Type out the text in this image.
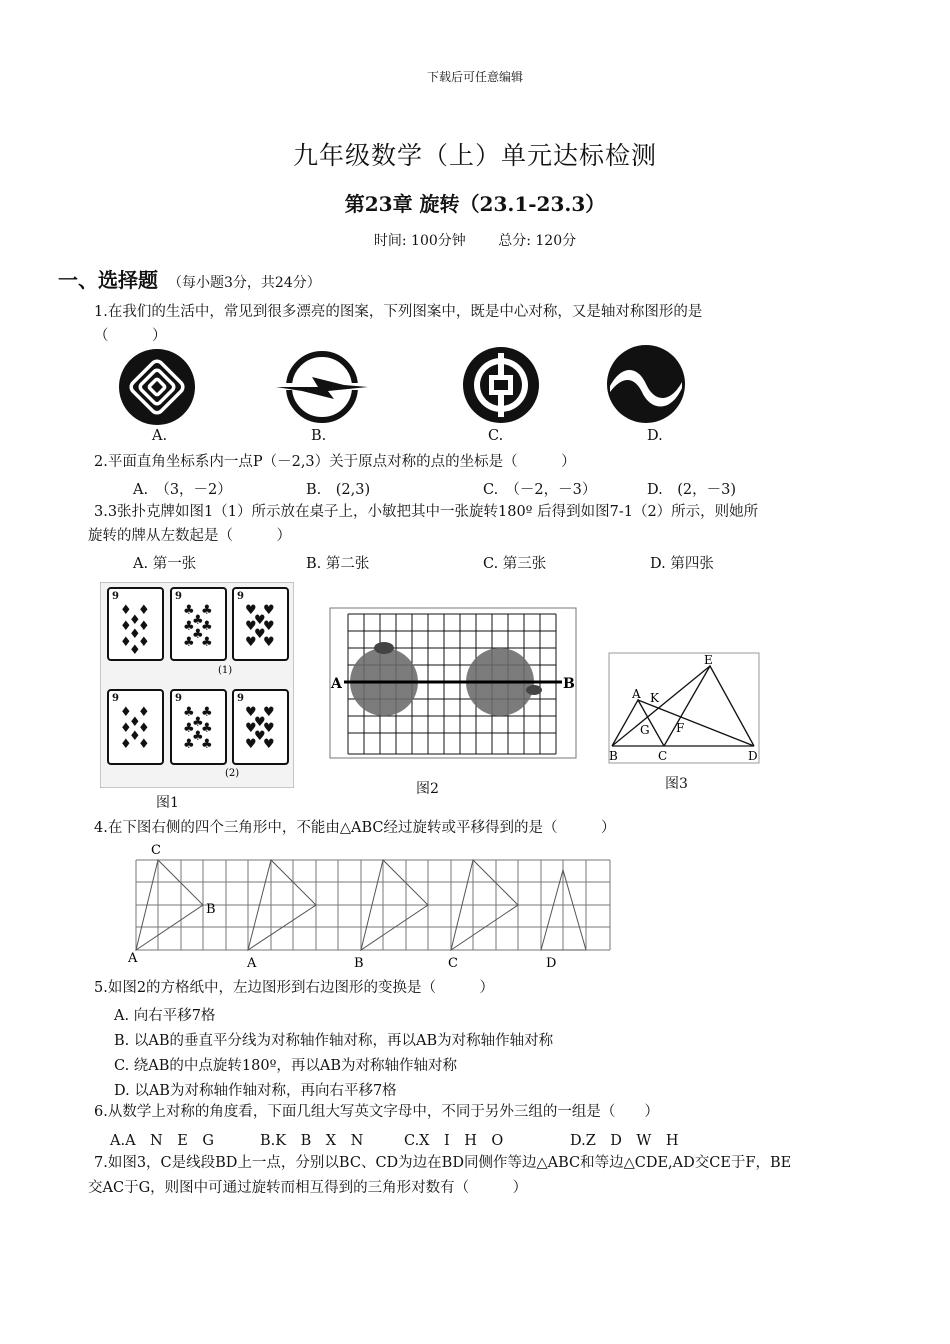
下载后可任意编辑
九年级数学（上）单元达标检测
第23章 旋转（23.1-23.3）
时间: 100分钟 总分: 120分
一、选择题 （每小题3分，共24分）
1.在我们的生活中，常见到很多漂亮的图案，下列图案中，既是中心对称，又是轴对称图形的是
（　　　）
A.	B.	C.	D.
2.平面直角坐标系内一点P（－2,3）关于原点对称的点的坐标是（　　　）
A.　（3，－2）	B.　(2,3)	C.　（－2，－3）	D.　(2，－3)
3.3张扑克牌如图1（1）所示放在桌子上，小敏把其中一张旋转180º 后得到如图7-1（2）所示，则她所
旋转的牌从左数起是（　　　）
A. 第一张	B. 第二张	C. 第三张	D. 第四张
9	9	9
9	9	9
♦ ♦
♦ ♦
♦
♦ ♦
♦
♦
♣ ♣
♣ ♣
♣
♣ ♣
♣
♥ ♥
♥ ♥
♥
♥ ♥
♥
♦ ♦
♦ ♦
♦
♦ ♦
♦
♣ ♣
♣ ♣
♣
♣ ♣
♣
♥ ♥
♥ ♥
♥
♥ ♥
♥
(1)
(2)
图1
A	B
图2
E
A K
G F
B	C	D
图3
4.在下图右侧的四个三角形中，不能由△ABC经过旋转或平移得到的是（　　　）
C
B
A	A	B	C	D
5.如图2的方格纸中，左边图形到右边图形的变换是（　　　）
A. 向右平移7格
B. 以AB的垂直平分线为对称轴作轴对称，再以AB为对称轴作轴对称
C. 绕AB的中点旋转180º，再以AB为对称轴作轴对称
D. 以AB为对称轴作轴对称，再向右平移7格
6.从数学上对称的角度看，下面几组大写英文字母中，不同于另外三组的一组是（　　）
A.A　N　E　G	B.K　B　X　N	C.X　I　H　O	D.Z　D　W　H
7.如图3，C是线段BD上一点，分别以BC、CD为边在BD同侧作等边△ABC和等边△CDE,AD交CE于F，BE
交AC于G，则图中可通过旋转而相互得到的三角形对数有（　　　）
